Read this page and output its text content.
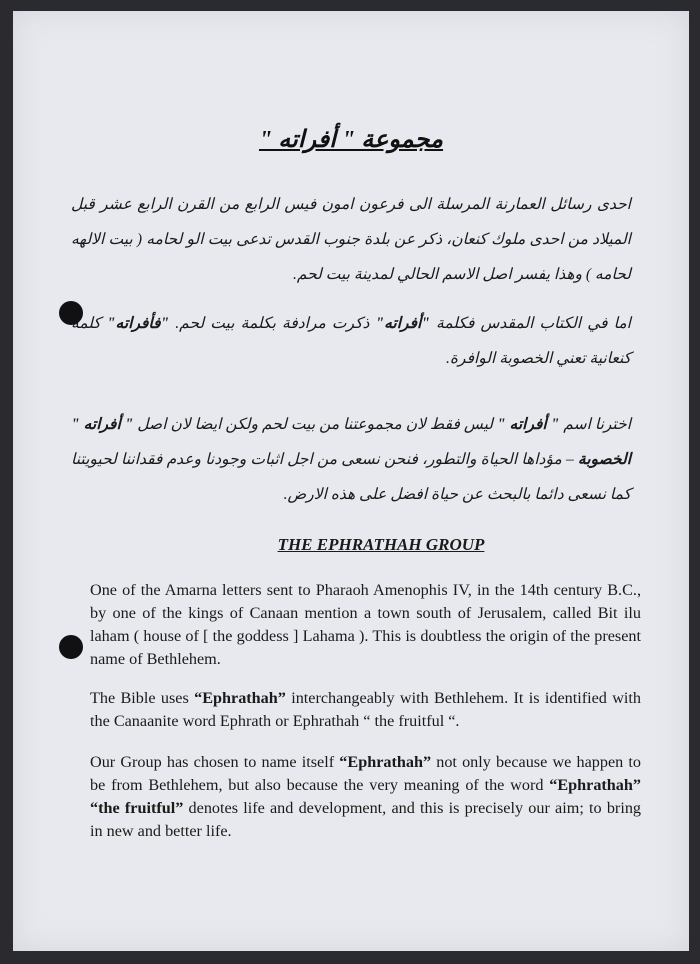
مجموعة " أفراته "
احدى رسائل العمارنة المرسلة الى فرعون امون فيس الرابع من القرن الرابع عشر قبل الميلاد من احدى ملوك كنعان، ذكر عن بلدة جنوب القدس تدعى بيت الو لحامه ( بيت الالهه لحامه ) وهذا يفسر اصل الاسم الحالي لمدينة بيت لحم.
اما في الكتاب المقدس فكلمة "أفراته" ذكرت مرادفة بكلمة بيت لحم. "فأفراته" كلمة كنعانية تعني الخصوبة الوافرة.
اخترنا اسم " أفراته " ليس فقط لان مجموعتنا من بيت لحم ولكن ايضا لان اصل " أفراته " الخصوبة – مؤداها الحياة والتطور، فنحن نسعى من اجل اثبات وجودنا وعدم فقداننا لحيويتنا كما نسعى دائما بالبحث عن حياة افضل على هذه الارض.
THE EPHRATHAH GROUP
One of the Amarna letters sent to Pharaoh Amenophis IV, in the 14th century B.C., by one of the kings of Canaan mention a town south of Jerusalem, called Bit ilu laham ( house of [ the goddess ] Lahama ). This is doubtless the origin of the present name of Bethlehem.
The Bible uses “Ephrathah” interchangeably with Bethlehem. It is identified with the Canaanite word Ephrath or Ephrathah “ the fruitful “.
Our Group has chosen to name itself “Ephrathah” not only because we happen to be from Bethlehem, but also because the very meaning of the word “Ephrathah” “the fruitful” denotes life and development, and this is precisely our aim; to bring in new and better life.
